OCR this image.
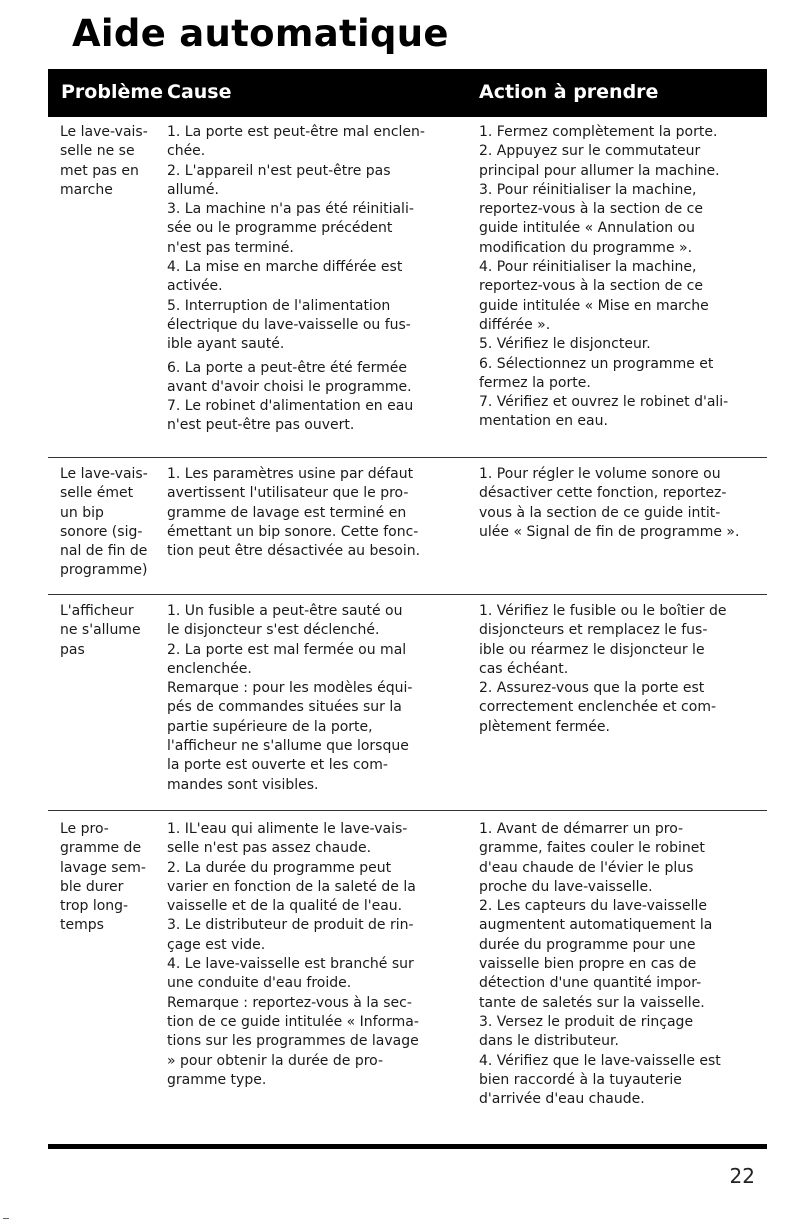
Aide automatique
Problème Cause	Action à prendre

Le lave-vais-
selle ne se
met pas en
marche

1. La porte est peut-être mal enclen-
chée.

2. L'appareil n'est peut-être pas
allumé.

3. La machine n'a pas été réinitiali-
sée ou le programme précédent
n'est pas terminé.

4. La mise en marche différée est
activée.

5. Interruption de l'alimentation
électrique du lave-vaisselle ou fus-
ible ayant sauté.

6. La porte a peut-être été fermée
avant d'avoir choisi le programme.

7. Le robinet d'alimentation en eau
n'est peut-être pas ouvert.

1. Fermez complètement la porte.

2. Appuyez sur le commutateur
principal pour allumer la machine.

3. Pour réinitialiser la machine,
reportez-vous à la section de ce
guide intitulée « Annulation ou
modification du programme ».

4. Pour réinitialiser la machine,
reportez-vous à la section de ce
guide intitulée « Mise en marche
différée ».

5. Vérifiez le disjoncteur.

6. Sélectionnez un programme et
fermez la porte.

7. Vérifiez et ouvrez le robinet d'ali-
mentation en eau.

Le lave-vais-
selle émet
un bip
sonore (sig-
nal de fin de
programme)

1. Les paramètres usine par défaut
avertissent l'utilisateur que le pro-
gramme de lavage est terminé en
émettant un bip sonore. Cette fonc-
tion peut être désactivée au besoin.

1. Pour régler le volume sonore ou
désactiver cette fonction, reportez-
vous à la section de ce guide intit-
ulée « Signal de fin de programme ».

L'afficheur
ne s'allume
pas

1. Un fusible a peut-être sauté ou
le disjoncteur s'est déclenché.

2. La porte est mal fermée ou mal
enclenchée.

Remarque : pour les modèles équi-
pés de commandes situées sur la
partie supérieure de la porte,
l'afficheur ne s'allume que lorsque
la porte est ouverte et les com-
mandes sont visibles.

1. Vérifiez le fusible ou le boîtier de
disjoncteurs et remplacez le fus-
ible ou réarmez le disjoncteur le
cas échéant.

2. Assurez-vous que la porte est
correctement enclenchée et com-
plètement fermée.

Le pro-
gramme de
lavage sem-
ble durer
trop long-
temps

1. IL'eau qui alimente le lave-vais-
selle n'est pas assez chaude.

2. La durée du programme peut
varier en fonction de la saleté de la
vaisselle et de la qualité de l'eau.

3. Le distributeur de produit de rin-
çage est vide.

4. Le lave-vaisselle est branché sur
une conduite d'eau froide.

Remarque : reportez-vous à la sec-
tion de ce guide intitulée « Informa-
tions sur les programmes de lavage
» pour obtenir la durée de pro-
gramme type.

1. Avant de démarrer un pro-
gramme, faites couler le robinet
d'eau chaude de l'évier le plus
proche du lave-vaisselle.

2. Les capteurs du lave-vaisselle
augmentent automatiquement la
durée du programme pour une
vaisselle bien propre en cas de
détection d'une quantité impor-
tante de saletés sur la vaisselle.

3. Versez le produit de rinçage
dans le distributeur.

4. Vérifiez que le lave-vaisselle est
bien raccordé à la tuyauterie
d'arrivée d'eau chaude.

22
